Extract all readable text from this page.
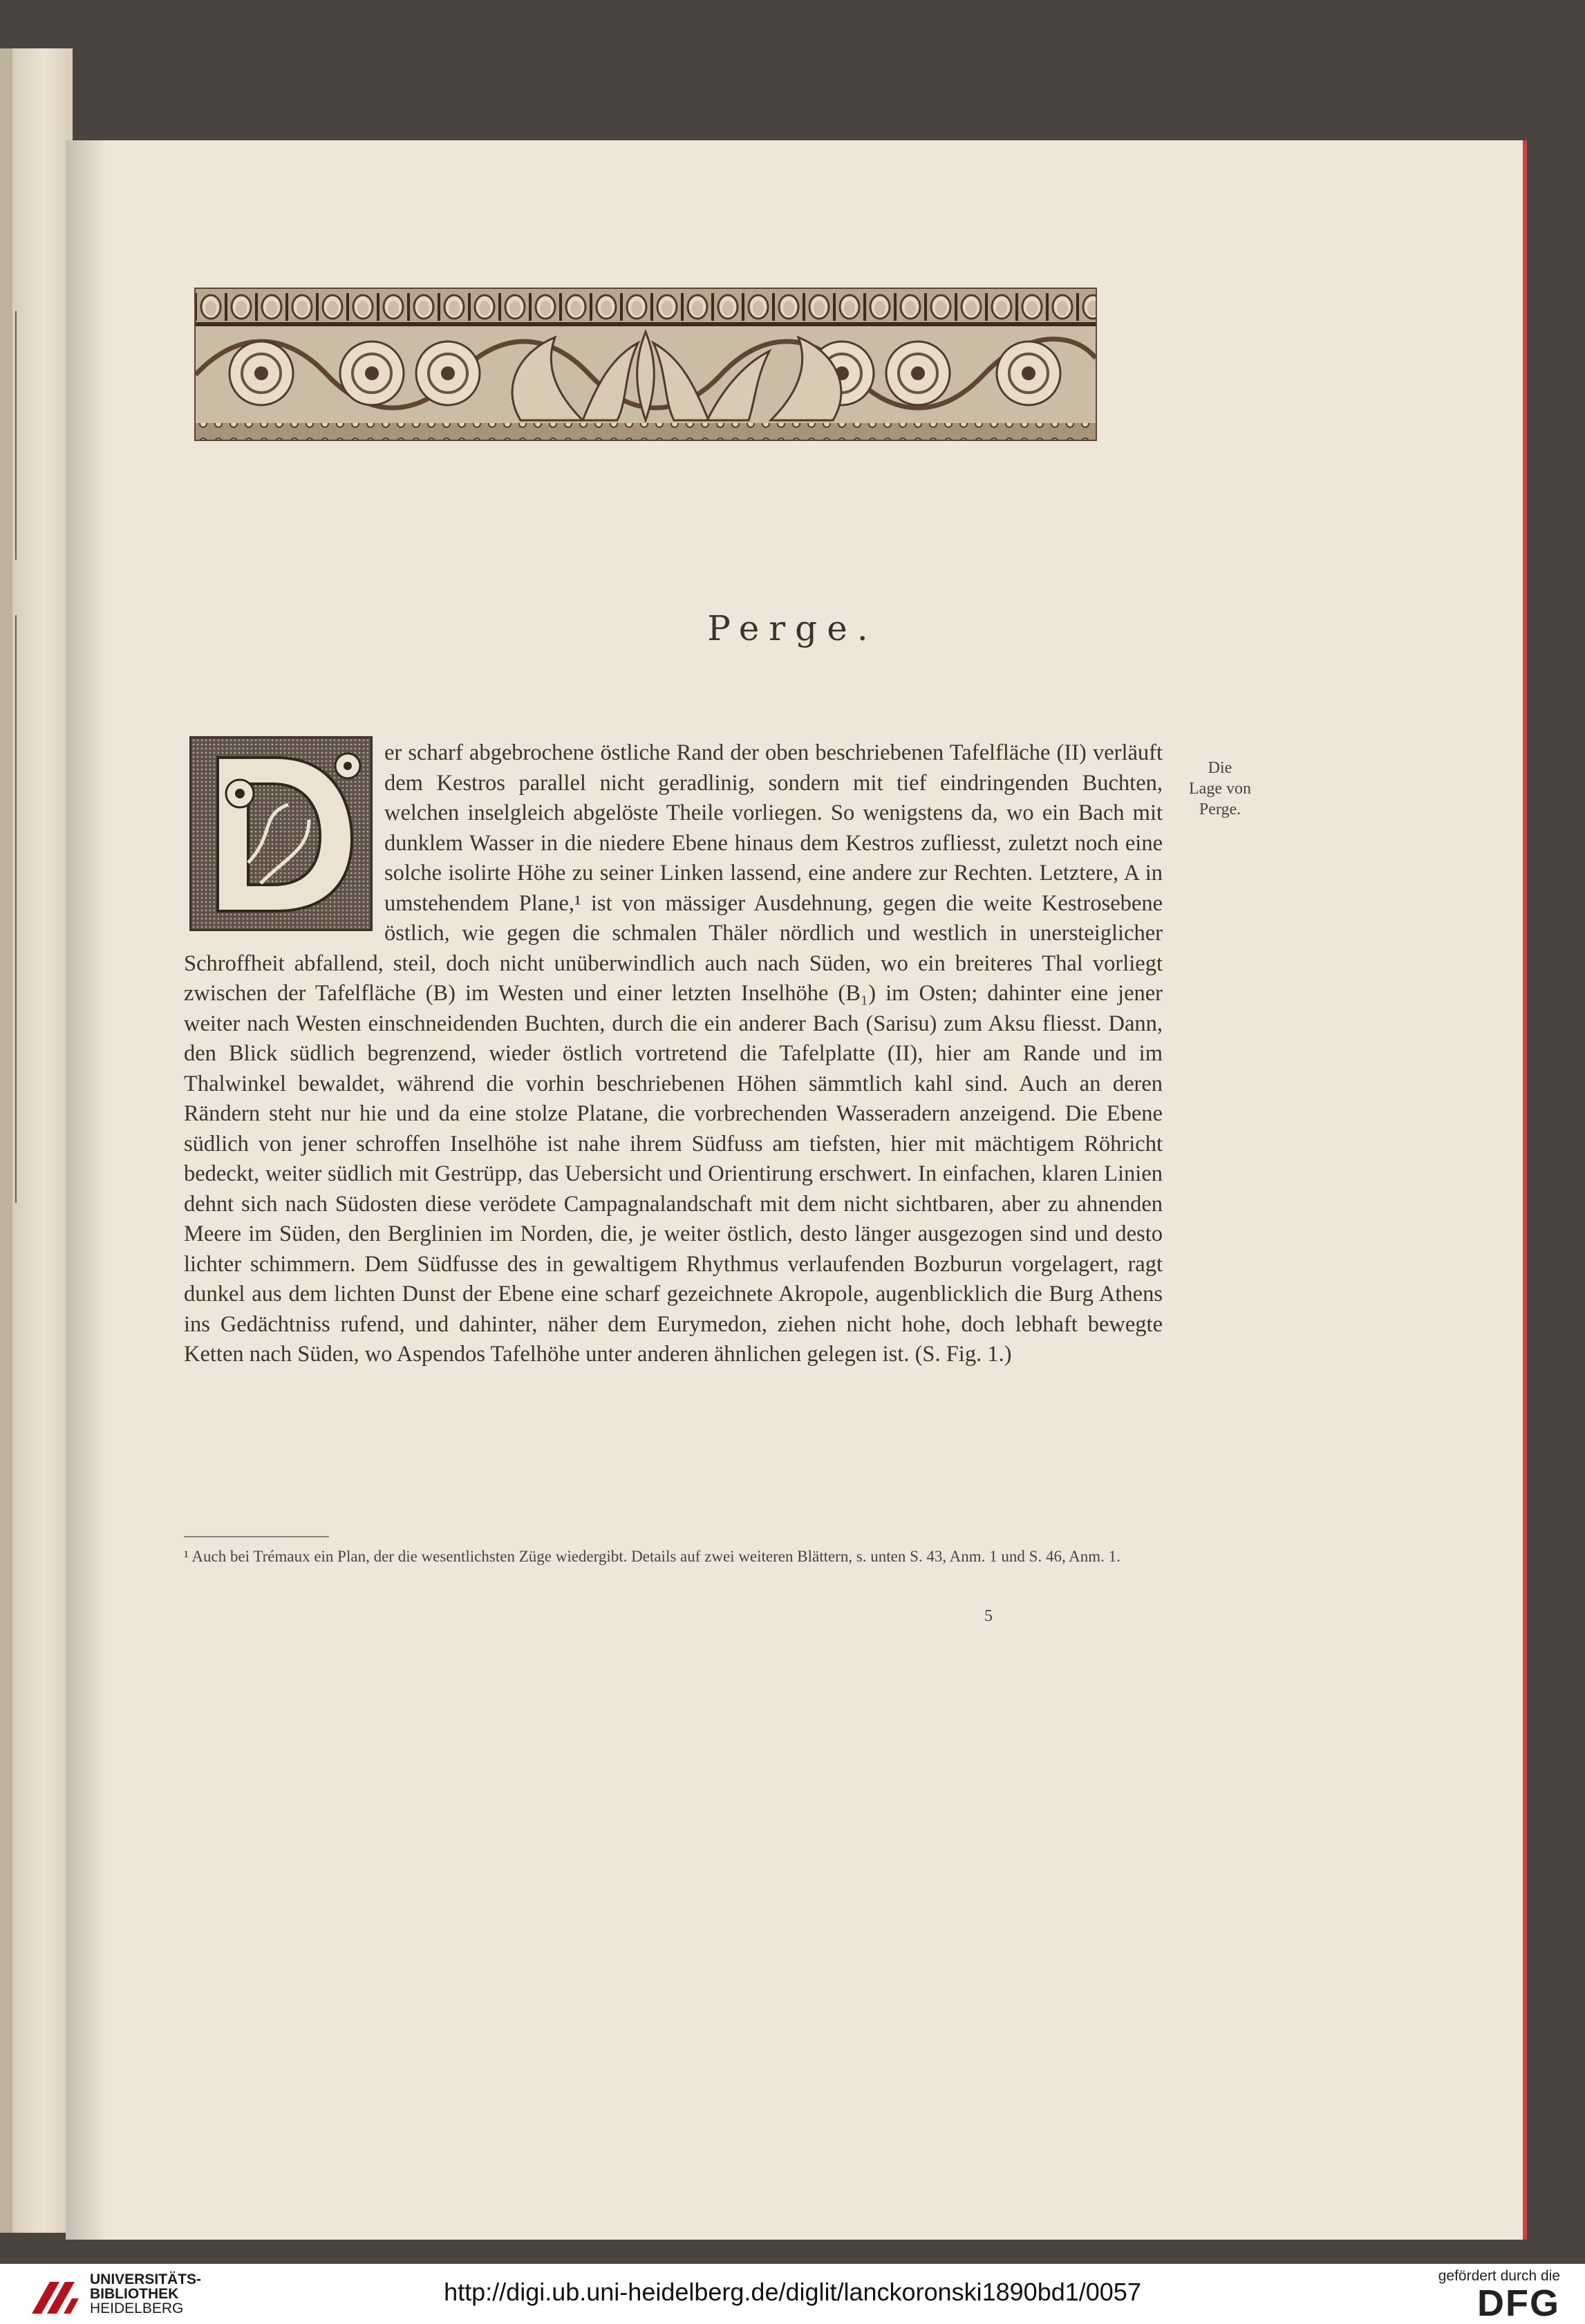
Perge.
er scharf abgebrochene östliche Rand der oben beschriebenen Tafelfläche (II) verläuft dem Kestros parallel nicht geradlinig, sondern mit tief eindringenden Buchten, welchen inselgleich abgelöste Theile vorliegen. So wenigstens da, wo ein Bach mit dunklem Wasser in die niedere Ebene hinaus dem Kestros zufliesst, zuletzt noch eine solche isolirte Höhe zu seiner Linken lassend, eine andere zur Rechten. Letztere, A in umstehendem Plane,¹ ist von mässiger Ausdehnung, gegen die weite Kestrosebene östlich, wie gegen die schmalen Thäler nördlich und westlich in unersteiglicher Schroffheit abfallend, steil, doch nicht unüberwindlich auch nach Süden, wo ein breiteres Thal vorliegt zwischen der Tafelfläche (B) im Westen und einer letzten Inselhöhe (B₁) im Osten; dahinter eine jener weiter nach Westen einschneidenden Buchten, durch die ein anderer Bach (Sarisu) zum Aksu fliesst. Dann, den Blick südlich begrenzend, wieder östlich vortretend die Tafelplatte (II), hier am Rande und im Thalwinkel bewaldet, während die vorhin beschriebenen Höhen sämmtlich kahl sind. Auch an deren Rändern steht nur hie und da eine stolze Platane, die vorbrechenden Wasseradern anzeigend. Die Ebene südlich von jener schroffen Inselhöhe ist nahe ihrem Südfuss am tiefsten, hier mit mächtigem Röhricht bedeckt, weiter südlich mit Gestrüpp, das Uebersicht und Orientirung erschwert. In einfachen, klaren Linien dehnt sich nach Südosten diese verödete Campagnalandschaft mit dem nicht sichtbaren, aber zu ahnenden Meere im Süden, den Berglinien im Norden, die, je weiter östlich, desto länger ausgezogen sind und desto lichter schimmern. Dem Südfusse des in gewaltigem Rhythmus verlaufenden Bozburun vorgelagert, ragt dunkel aus dem lichten Dunst der Ebene eine scharf gezeichnete Akropole, augenblicklich die Burg Athens ins Gedächtniss rufend, und dahinter, näher dem Eurymedon, ziehen nicht hohe, doch lebhaft bewegte Ketten nach Süden, wo Aspendos Tafelhöhe unter anderen ähnlichen gelegen ist. (S. Fig. 1.)
Die
Lage von
Perge.
¹ Auch bei Trémaux ein Plan, der die wesentlichsten Züge wiedergibt. Details auf zwei weiteren Blättern, s. unten S. 43, Anm. 1 und S. 46, Anm. 1.
5
UNIVERSITÄTS-
BIBLIOTHEK
HEIDELBERG
http://digi.ub.uni-heidelberg.de/diglit/lanckoronski1890bd1/0057
gefördert durch die
DFG
